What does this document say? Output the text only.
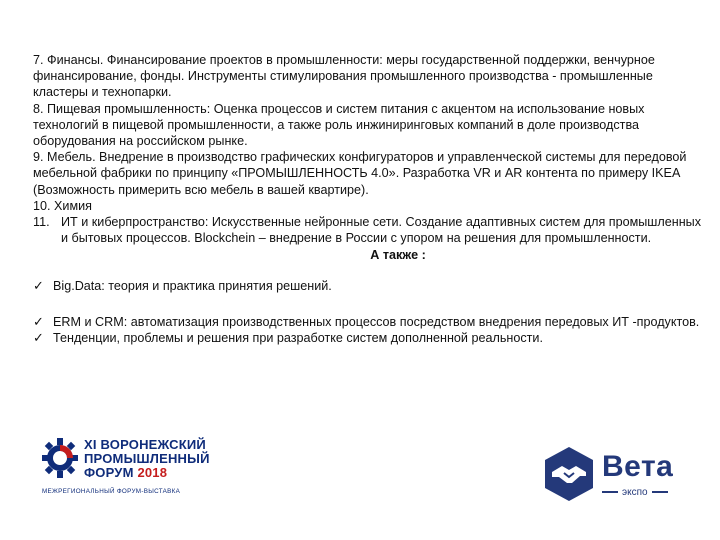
7. Финансы. Финансирование проектов в промышленности: меры государственной поддержки, венчурное финансирование, фонды. Инструменты стимулирования промышленного производства - промышленные кластеры и технопарки.

8. Пищевая промышленность: Оценка процессов и систем питания с акцентом на использование новых технологий в пищевой промышленности, а также роль инжиниринговых компаний в доле производства оборудования на российском рынке.

9. Мебель. Внедрение в производство графических конфигураторов и управленческой системы для передовой мебельной фабрики по принципу «ПРОМЫШЛЕННОСТЬ 4.0». Разработка VR и AR контента по примеру IKEA (Возможность примерить всю мебель в вашей квартире).

10. Химия

11. ИТ и киберпространство: Искусственные нейронные сети. Создание адаптивных систем для промышленных и бытовых процессов. Blockchein – внедрение в России с упором на решения для промышленности.

А также :

✓ Big.Data: теория и практика принятия решений.
✓ ERM и CRM: автоматизация производственных процессов посредством внедрения передовых ИТ -продуктов.
✓ Тенденции, проблемы и решения при разработке систем дополненной реальности.
XI ВОРОНЕЖСКИЙ
ПРОМЫШЛЕННЫЙ
ФОРУМ 2018
МЕЖРЕГИОНАЛЬНЫЙ ФОРУМ-ВЫСТАВКА
Вета
экспо
